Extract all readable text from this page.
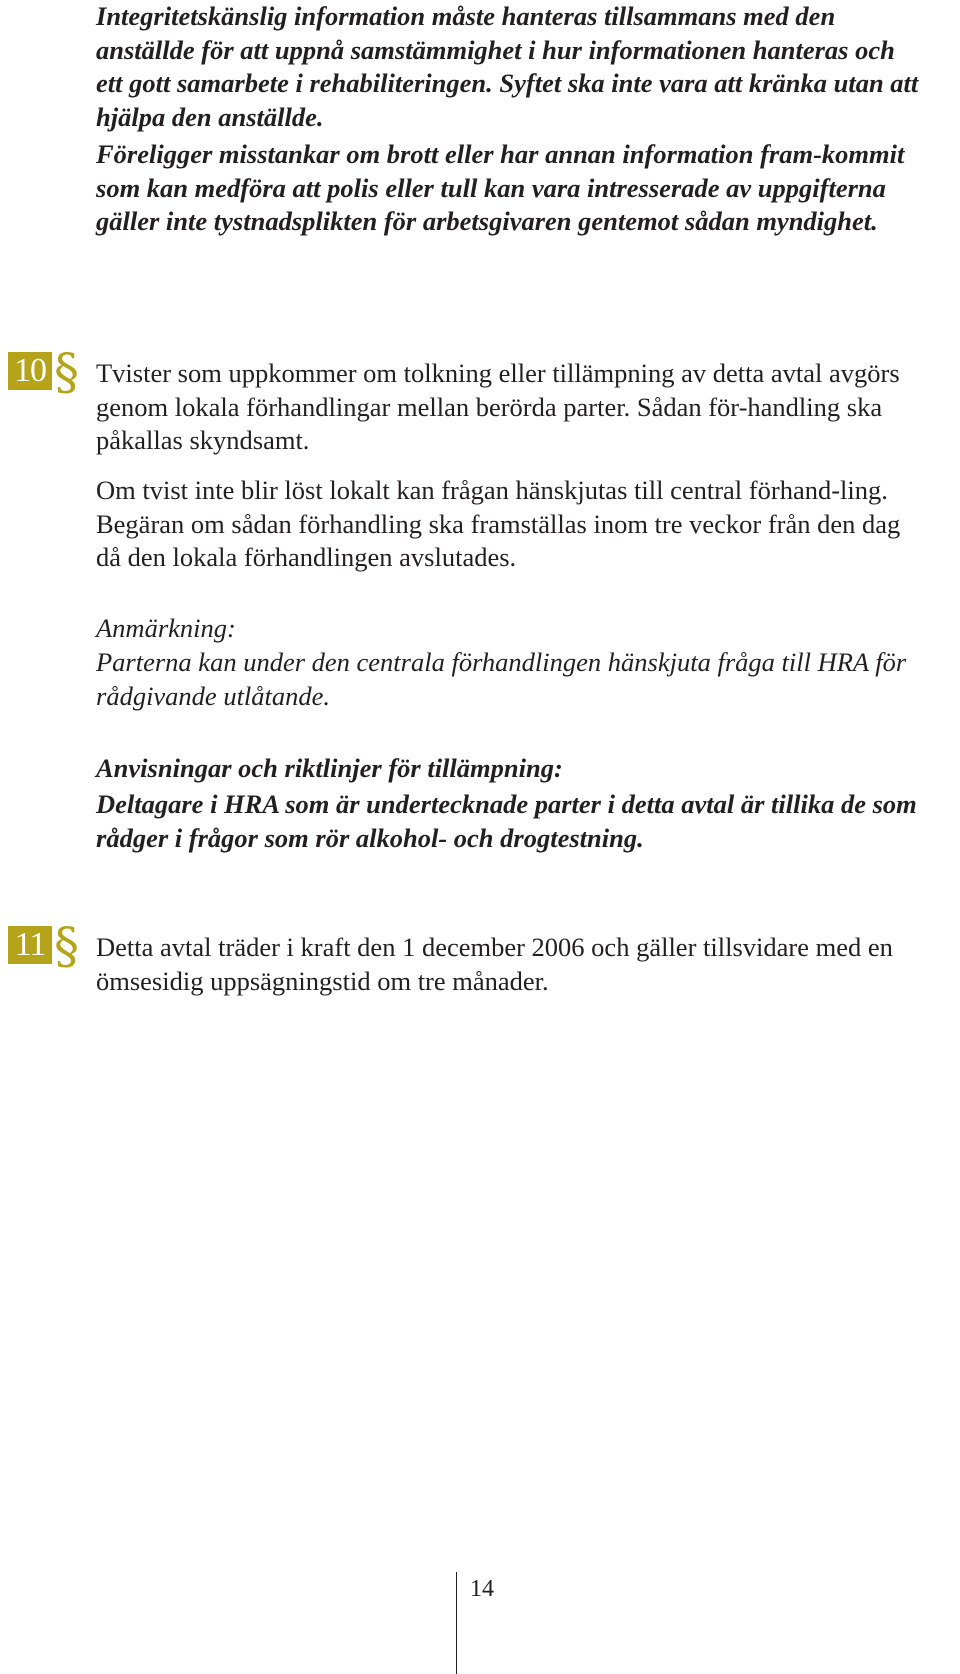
Integritetskänslig information måste hanteras tillsammans med den anställde för att uppnå samstämmighet i hur informationen hanteras och ett gott samarbete i rehabiliteringen. Syftet ska inte vara att kränka utan att hjälpa den anställde.

Föreligger misstankar om brott eller har annan information fram-kommit som kan medföra att polis eller tull kan vara intresserade av uppgifterna gäller inte tystnadsplikten för arbetsgivaren gentemot sådan myndighet.

10 § Tvister som uppkommer om tolkning eller tillämpning av detta avtal avgörs genom lokala förhandlingar mellan berörda parter. Sådan för-handling ska påkallas skyndsamt.

Om tvist inte blir löst lokalt kan frågan hänskjutas till central förhand-ling. Begäran om sådan förhandling ska framställas inom tre veckor från den dag då den lokala förhandlingen avslutades.

Anmärkning:

Parterna kan under den centrala förhandlingen hänskjuta fråga till HRA för rådgivande utlåtande.

Anvisningar och riktlinjer för tillämpning:

Deltagare i HRA som är undertecknade parter i detta avtal är tillika de som rådger i frågor som rör alkohol- och drogtestning.

11 § Detta avtal träder i kraft den 1 december 2006 och gäller tillsvidare med en ömsesidig uppsägningstid om tre månader.

14
